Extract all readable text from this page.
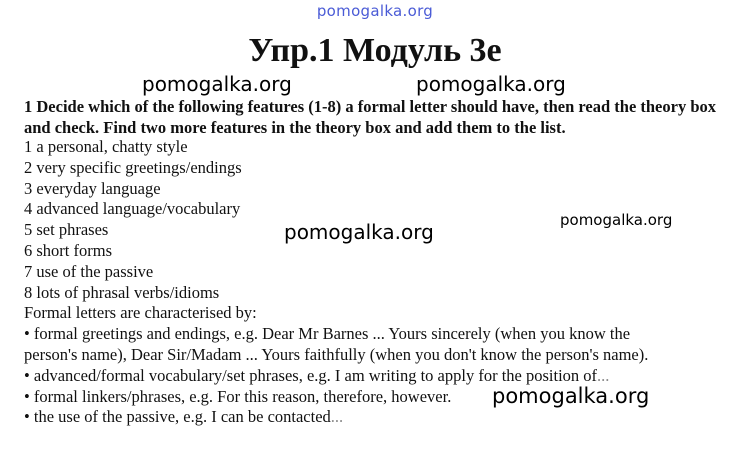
pomogalka.org
Упр.1 Модуль 3e
pomogalka.org	pomogalka.org
1 Decide which of the following features (1-8) a formal letter should have, then read the theory box and check. Find two more features in the theory box and add them to the list.
1 a personal, chatty style
2 very specific greetings/endings
3 everyday language
4 advanced language/vocabulary
5 set phrases
6 short forms
7 use of the passive
8 lots of phrasal verbs/idioms
Formal letters are characterised by:
• formal greetings and endings, e.g. Dear Mr Barnes ... Yours sincerely (when you know the
person's name), Dear Sir/Madam ... Yours faithfully (when you don't know the person's name).
• advanced/formal vocabulary/set phrases, e.g. I am writing to apply for the position of...
• formal linkers/phrases, e.g. For this reason, therefore, however.
• the use of the passive, e.g. I can be contacted...
pomogalka.org	pomogalka.org
pomogalka.org
